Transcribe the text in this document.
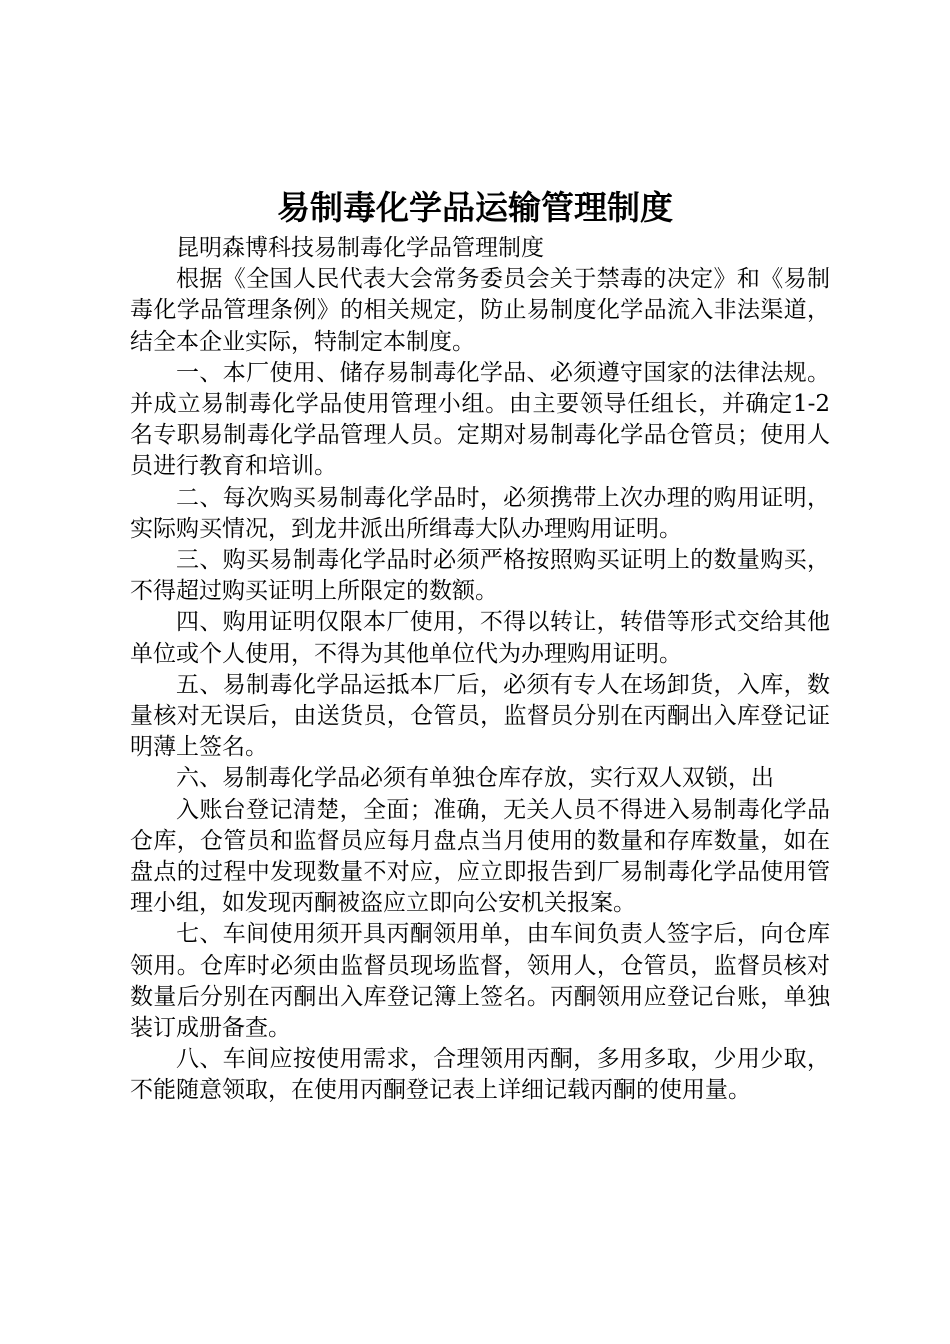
易制毒化学品运输管理制度

昆明森博科技易制毒化学品管理制度

根据《全国人民代表大会常务委员会关于禁毒的决定》和《易制毒化学品管理条例》的相关规定，防止易制度化学品流入非法渠道，结全本企业实际，特制定本制度。

一、本厂使用、储存易制毒化学品、必须遵守国家的法律法规。并成立易制毒化学品使用管理小组。由主要领导任组长，并确定1-2名专职易制毒化学品管理人员。定期对易制毒化学品仓管员；使用人员进行教育和培训。

二、每次购买易制毒化学品时，必须携带上次办理的购用证明，实际购买情况，到龙井派出所缉毒大队办理购用证明。

三、购买易制毒化学品时必须严格按照购买证明上的数量购买，不得超过购买证明上所限定的数额。

四、购用证明仅限本厂使用，不得以转让，转借等形式交给其他单位或个人使用，不得为其他单位代为办理购用证明。

五、易制毒化学品运抵本厂后，必须有专人在场卸货，入库，数量核对无误后，由送货员，仓管员，监督员分别在丙酮出入库登记证明薄上签名。

六、易制毒化学品必须有单独仓库存放，实行双人双锁，出

入账台登记清楚，全面；准确，无关人员不得进入易制毒化学品仓库，仓管员和监督员应每月盘点当月使用的数量和存库数量，如在盘点的过程中发现数量不对应，应立即报告到厂易制毒化学品使用管理小组，如发现丙酮被盗应立即向公安机关报案。

七、车间使用须开具丙酮领用单，由车间负责人签字后，向仓库领用。仓库时必须由监督员现场监督，领用人，仓管员，监督员核对数量后分别在丙酮出入库登记簿上签名。丙酮领用应登记台账，单独装订成册备查。

八、车间应按使用需求，合理领用丙酮，多用多取，少用少取，不能随意领取，在使用丙酮登记表上详细记载丙酮的使用量。
